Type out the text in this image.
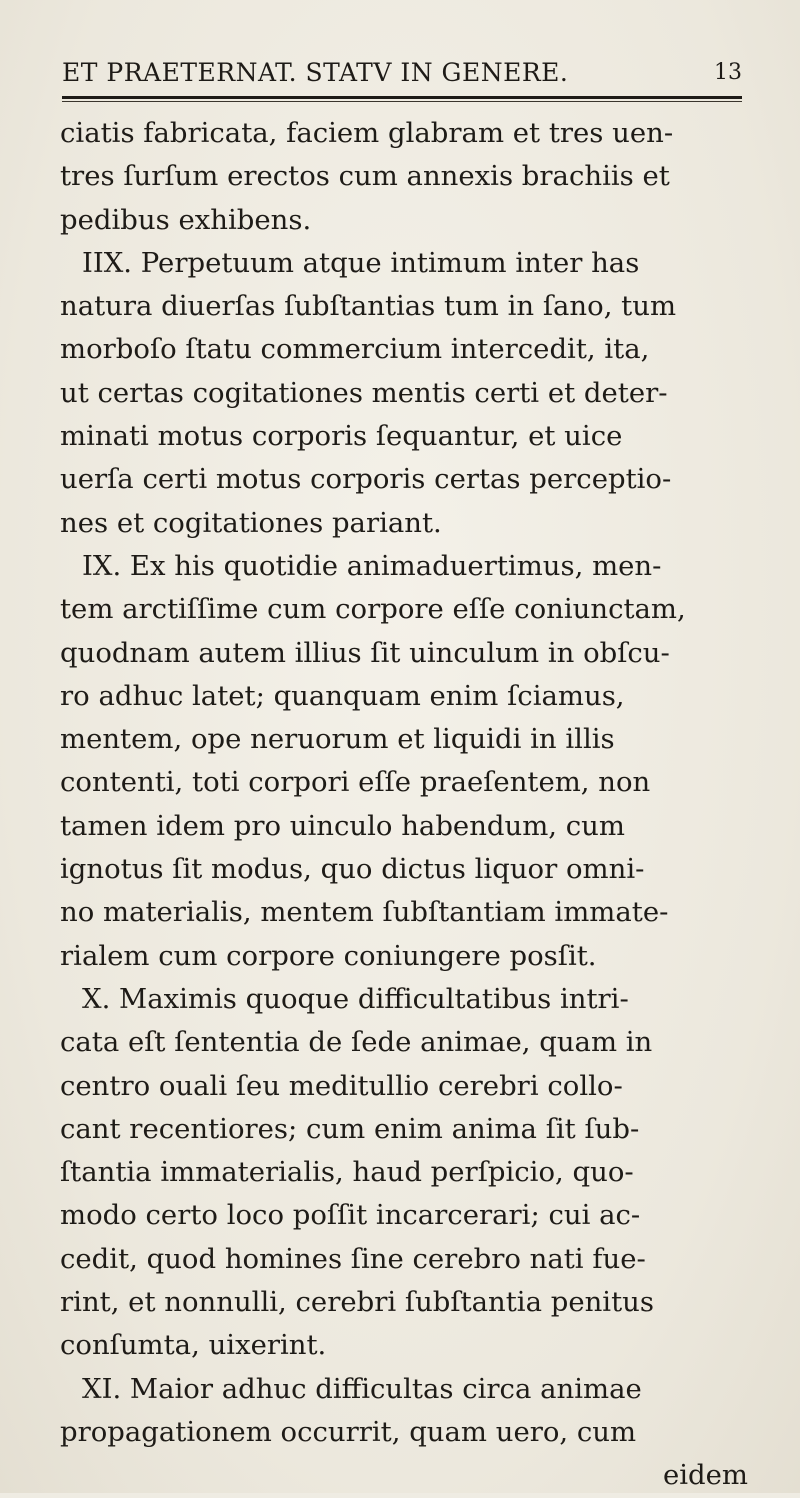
ET PRAETERNAT. STATV IN GENERE.	13
ciatis fabricata, faciem glabram et tres uen-
tres ſurſum erectos cum annexis brachiis et
pedibus exhibens.
IIX. Perpetuum atque intimum inter has
natura diuerſas ſubſtantias tum in ſano, tum
morboſo ſtatu commercium intercedit, ita,
ut certas cogitationes mentis certi et deter-
minati motus corporis ſequantur, et uice
uerſa certi motus corporis certas perceptio-
nes et cogitationes pariant.
IX. Ex his quotidie animaduertimus, men-
tem arctiſſime cum corpore eſſe coniunctam,
quodnam autem illius ſit uinculum in obſcu-
ro adhuc latet; quanquam enim ſciamus,
mentem, ope neruorum et liquidi in illis
contenti, toti corpori eſſe praeſentem, non
tamen idem pro uinculo habendum, cum
ignotus ſit modus, quo dictus liquor omni-
no materialis, mentem ſubſtantiam immate-
rialem cum corpore coniungere posſit.
X. Maximis quoque difficultatibus intri-
cata eſt ſententia de ſede animae, quam in
centro ouali ſeu meditullio cerebri collo-
cant recentiores; cum enim anima ſit ſub-
ſtantia immaterialis, haud perſpicio, quo-
modo certo loco poſſit incarcerari; cui ac-
cedit, quod homines ſine cerebro nati fue-
rint, et nonnulli, cerebri ſubſtantia penitus
conſumta, uixerint.
XI. Maior adhuc difficultas circa animae
propagationem occurrit, quam uero, cum
eidem
